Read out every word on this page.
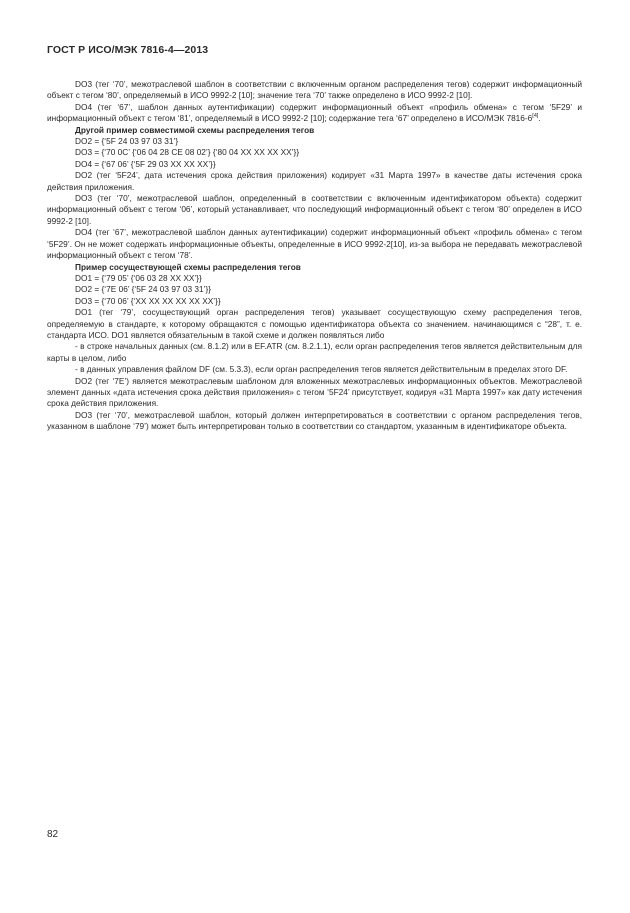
ГОСТ Р ИСО/МЭК 7816-4—2013

DO3 (тег ‘70’, межотраслевой шаблон в соответствии с включенным органом распределения тегов) содержит информационный объект с тегом ‘80’, определяемый в ИСО 9992-2 [10]; значение тега ‘70’ также определено в ИСО 9992-2 [10].

DO4 (тег ‘67’, шаблон данных аутентификации) содержит информационный объект «профиль обмена» с тегом ‘5F29’ и информационный объект с тегом ‘81’, определяемый в ИСО 9992-2 [10]; содержание тега ‘67’ определено в ИСО/МЭК 7816-6[4].

Другой пример совместимой схемы распределения тегов

DO2 = {‘5F 24 03 97 03 31’}

DO3 = {‘70 0C’ {‘06 04 28 CE 08 02’} {‘80 04 XX XX XX XX’}}

DO4 = {‘67 06’ {‘5F 29 03 XX XX XX’}}

DO2 (тег ‘5F24’, дата истечения срока действия приложения) кодирует «31 Марта 1997» в качестве даты истечения срока действия приложения.

DO3 (тег ‘70’, межотраслевой шаблон, определенный в соответствии с включенным идентификатором объекта) содержит информационный объект с тегом ‘06’, который устанавливает, что последующий информационный объект с тегом ‘80’ определен в ИСО 9992-2 [10].

DO4 (тег ‘67’, межотраслевой шаблон данных аутентификации) содержит информационный объект «профиль обмена» с тегом ‘5F29’. Он не может содержать информационные объекты, определенные в ИСО 9992-2[10], из-за выбора не передавать межотраслевой информационный объект с тегом ‘78’.

Пример сосуществующей схемы распределения тегов

DO1 = {‘79 05’ {‘06 03 28 XX XX’}}

DO2 = {‘7E 06’ {‘5F 24 03 97 03 31’}}

DO3 = {‘70 06’ {‘XX XX XX XX XX XX’}}

DO1 (тег ‘79’, сосуществующий орган распределения тегов) указывает сосуществующую схему распределения тегов, определяемую в стандарте, к которому обращаются с помощью идентификатора объекта со значением. начинающимся с “28”, т. е. стандарта ИСО. DO1 является обязательным в такой схеме и должен появляться либо

- в строке начальных данных (см. 8.1.2) или в EF.ATR (см. 8.2.1.1), если орган распределения тегов является действительным для карты в целом, либо

- в данных управления файлом DF (см. 5.3.3), если орган распределения тегов является действительным в пределах этого DF.

DO2 (тег ‘7E’) является межотраслевым шаблоном для вложенных межотраслевых информационных объектов. Межотраслевой элемент данных «дата истечения срока действия приложения» с тегом ‘5F24’ присутствует, кодируя «31 Марта 1997» как дату истечения срока действия приложения.

DO3 (тег ‘70’, межотраслевой шаблон, который должен интерпретироваться в соответствии с органом распределения тегов, указанном в шаблоне ‘79’) может быть интерпретирован только в соответствии со стандартом, указанным в идентификаторе объекта.

82
